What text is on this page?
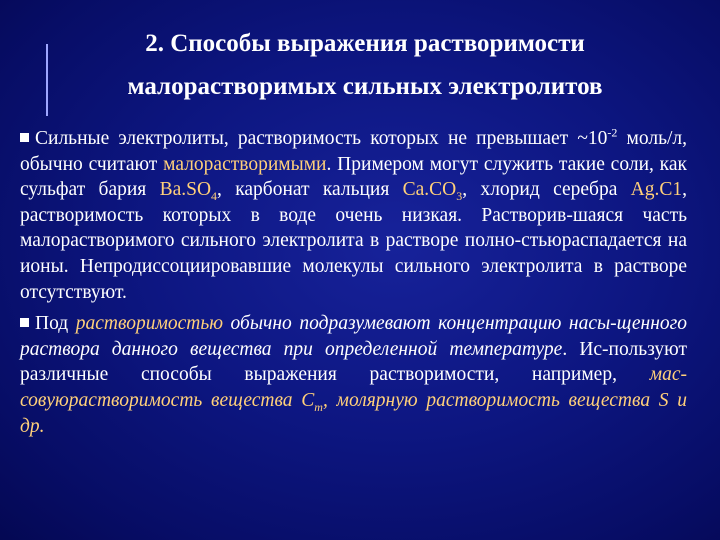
2. Способы выражения растворимости
малорастворимых сильных электролитов

Сильные электролиты, растворимость которых не превышает $\sim 10^{-2}$ моль/л, обычно считают малорастворимыми. Примером могут служить такие соли, как сульфат бария $Ba.SO_4$, карбонат кальция $Ca.CO_3$, хлорид серебра Ag.C1, растворимость которых в воде очень низкая. Растворив-шаяся часть малорастворимого сильного электролита в растворе полно-стьюраспадается на ионы. Непродиссоциировавшие молекулы сильного электролита в растворе отсутствуют.

Под растворимостью обычно подразумевают концентрацию насы-щенного раствора данного вещества при определенной температуре. Ис-пользуют различные способы выражения растворимости, например, мас-совуюрастворимость вещества $С_m$, молярную растворимость вещества S и др.
